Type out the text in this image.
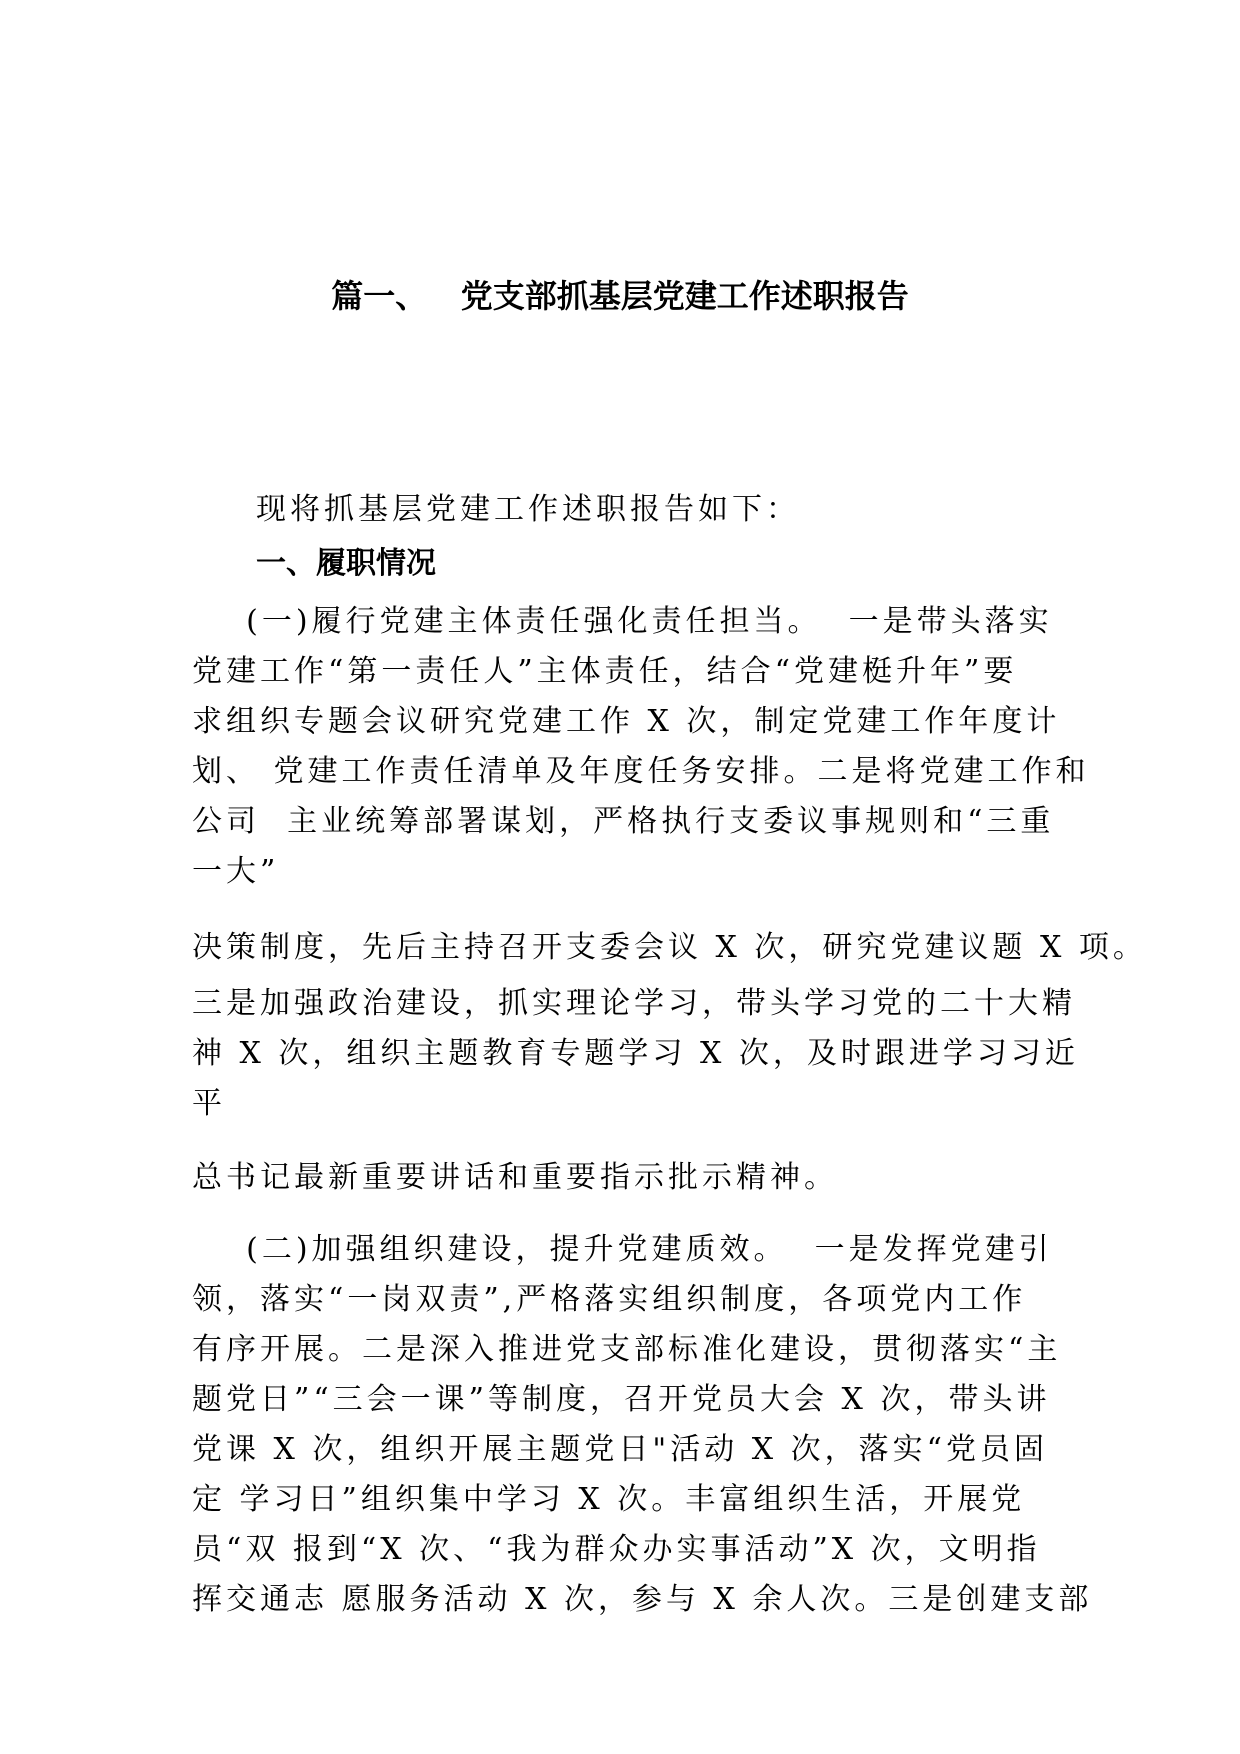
篇一、   党支部抓基层党建工作述职报告
现将抓基层党建工作述职报告如下：
一、履职情况
(一)履行党建主体责任强化责任担当。  一是带头落实
党建工作“第一责任人”主体责任，结合“党建梃升年”要
求组织专题会议研究党建工作 X 次，制定党建工作年度计
划、 党建工作责任清单及年度任务安排。二是将党建工作和
公司  主业统筹部署谋划，严格执行支委议事规则和“三重
一大”
决策制度，先后主持召开支委会议 X 次，研究党建议题 X 项。
三是加强政治建设，抓实理论学习，带头学习党的二十大精
神 X 次，组织主题教育专题学习 X 次，及时跟进学习习近
平
总书记最新重要讲话和重要指示批示精神。
(二)加强组织建设，提升党建质效。  一是发挥党建引
领，落实“一岗双责”,严格落实组织制度，各项党内工作
有序开展。二是深入推进党支部标准化建设，贯彻落实“主
题党日”“三会一课”等制度，召开党员大会 X 次，带头讲
党课 X 次，组织开展主题党日"活动 X 次，落实“党员固
定 学习日”组织集中学习 X 次。丰富组织生活，开展党
员“双 报到“X 次、“我为群众办实事活动”X 次，文明指
挥交通志 愿服务活动 X 次，参与 X 余人次。三是创建支部
